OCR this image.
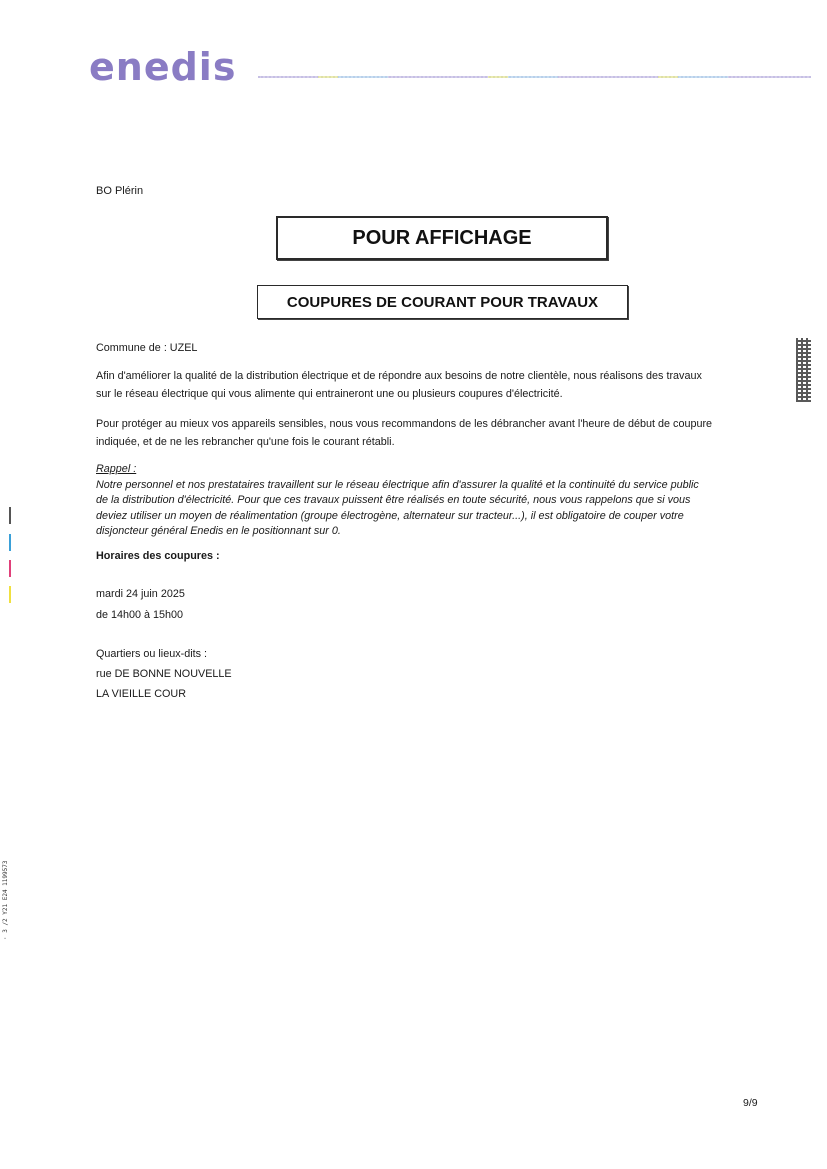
enedis
BO Plérin
POUR AFFICHAGE
COUPURES DE COURANT POUR TRAVAUX
Commune de : UZEL
Afin d'améliorer la qualité de la distribution électrique et de répondre aux besoins de notre clientèle, nous réalisons des travaux
sur le réseau électrique qui vous alimente qui entraineront une ou plusieurs coupures d'électricité.
Pour protéger au mieux vos appareils sensibles, nous vous recommandons de les débrancher avant l'heure de début de coupure
indiquée, et de ne les rebrancher qu'une fois le courant rétabli.
Rappel :
Notre personnel et nos prestataires travaillent sur le réseau électrique afin d'assurer la qualité et la continuité du service public
de la distribution d'électricité. Pour que ces travaux puissent être réalisés en toute sécurité, nous vous rappelons que si vous
deviez utiliser un moyen de réalimentation (groupe électrogène, alternateur sur tracteur...), il est obligatoire de couper votre
disjoncteur général Enedis en le positionnant sur 0.
Horaires des coupures :
mardi 24 juin 2025
de 14h00 à 15h00
Quartiers ou lieux-dits :
rue DE BONNE NOUVELLE
LA VIEILLE COUR
9/9
· 3 /2 Y21 E24 1199573
